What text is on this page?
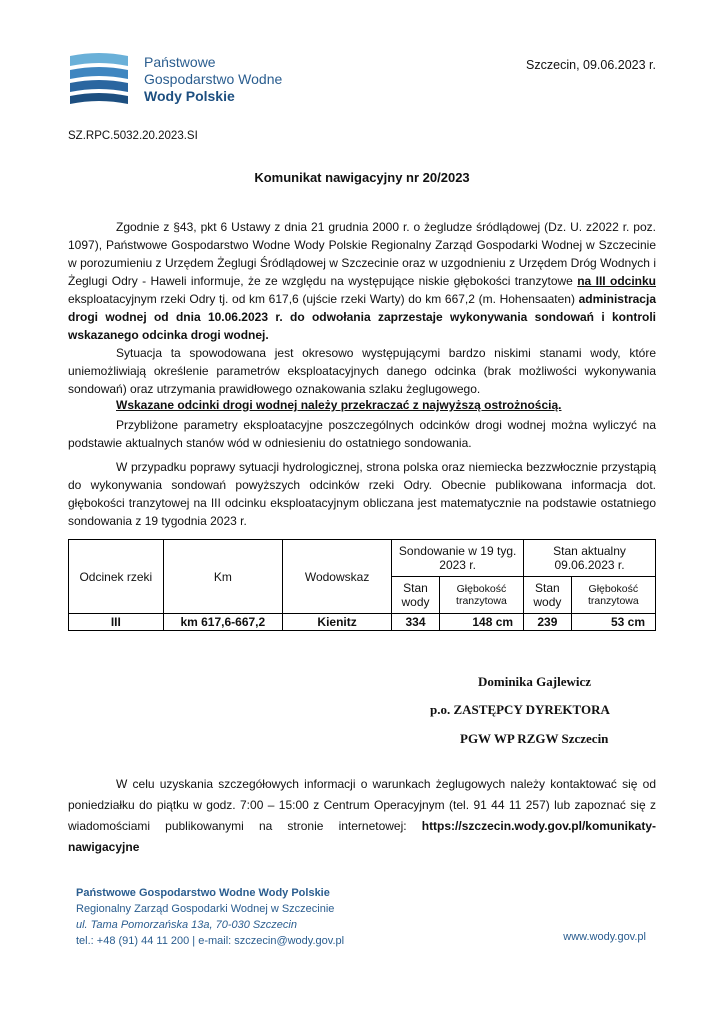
Państwowe
Gospodarstwo Wodne
Wody Polskie
Szczecin, 09.06.2023 r.
SZ.RPC.5032.20.2023.SI
Komunikat nawigacyjny nr 20/2023

Zgodnie z §43, pkt 6 Ustawy z dnia 21 grudnia 2000 r. o żegludze śródlądowej (Dz. U. z2022 r. poz. 1097), Państwowe Gospodarstwo Wodne Wody Polskie Regionalny Zarząd Gospodarki Wodnej w Szczecinie w porozumieniu z Urzędem Żeglugi Śródlądowej w Szczecinie oraz w uzgodnieniu z Urzędem Dróg Wodnych i Żeglugi Odry - Haweli informuje, że ze względu na występujące niskie głębokości tranzytowe na III odcinku eksploatacyjnym rzeki Odry tj. od km 617,6 (ujście rzeki Warty) do km 667,2 (m. Hohensaaten) administracja drogi wodnej od dnia 10.06.2023 r. do odwołania zaprzestaje wykonywania sondowań i kontroli wskazanego odcinka drogi wodnej.

Sytuacja ta spowodowana jest okresowo występującymi bardzo niskimi stanami wody, które uniemożliwiają określenie parametrów eksploatacyjnych danego odcinka (brak możliwości wykonywania sondowań) oraz utrzymania prawidłowego oznakowania szlaku żeglugowego.

Wskazane odcinki drogi wodnej należy przekraczać z najwyższą ostrożnością.

Przybliżone parametry eksploatacyjne poszczególnych odcinków drogi wodnej można wyliczyć na podstawie aktualnych stanów wód w odniesieniu do ostatniego sondowania.

W przypadku poprawy sytuacji hydrologicznej, strona polska oraz niemiecka bezzwłocznie przystąpią do wykonywania sondowań powyższych odcinków rzeki Odry. Obecnie publikowana informacja dot. głębokości tranzytowej na III odcinku eksploatacyjnym obliczana jest matematycznie na podstawie ostatniego sondowania z 19 tygodnia 2023 r.

Odcinek rzeki	Km	Wodowskaz	Sondowanie w 19 tyg. 2023 r.		Stan aktualny 09.06.2023 r.	
			Stan wody	Głębokość tranzytowa	Stan wody	Głębokość tranzytowa
III	km 617,6-667,2	Kienitz	334	148 cm	239	53 cm
Dominika Gajlewicz
p.o. ZASTĘPCY DYREKTORA
PGW WP RZGW Szczecin

W celu uzyskania szczegółowych informacji o warunkach żeglugowych należy kontaktować się od poniedziałku do piątku w godz. 7:00 – 15:00 z Centrum Operacyjnym (tel. 91 44 11 257) lub zapoznać się z wiadomościami publikowanymi na stronie internetowej: https://szczecin.wody.gov.pl/komunikaty-nawigacyjne

Państwowe Gospodarstwo Wodne Wody Polskie
Regionalny Zarząd Gospodarki Wodnej w Szczecinie
ul. Tama Pomorzańska 13a, 70-030 Szczecin
tel.: +48 (91) 44 11 200 | e-mail: szczecin@wody.gov.pl	www.wody.gov.pl
